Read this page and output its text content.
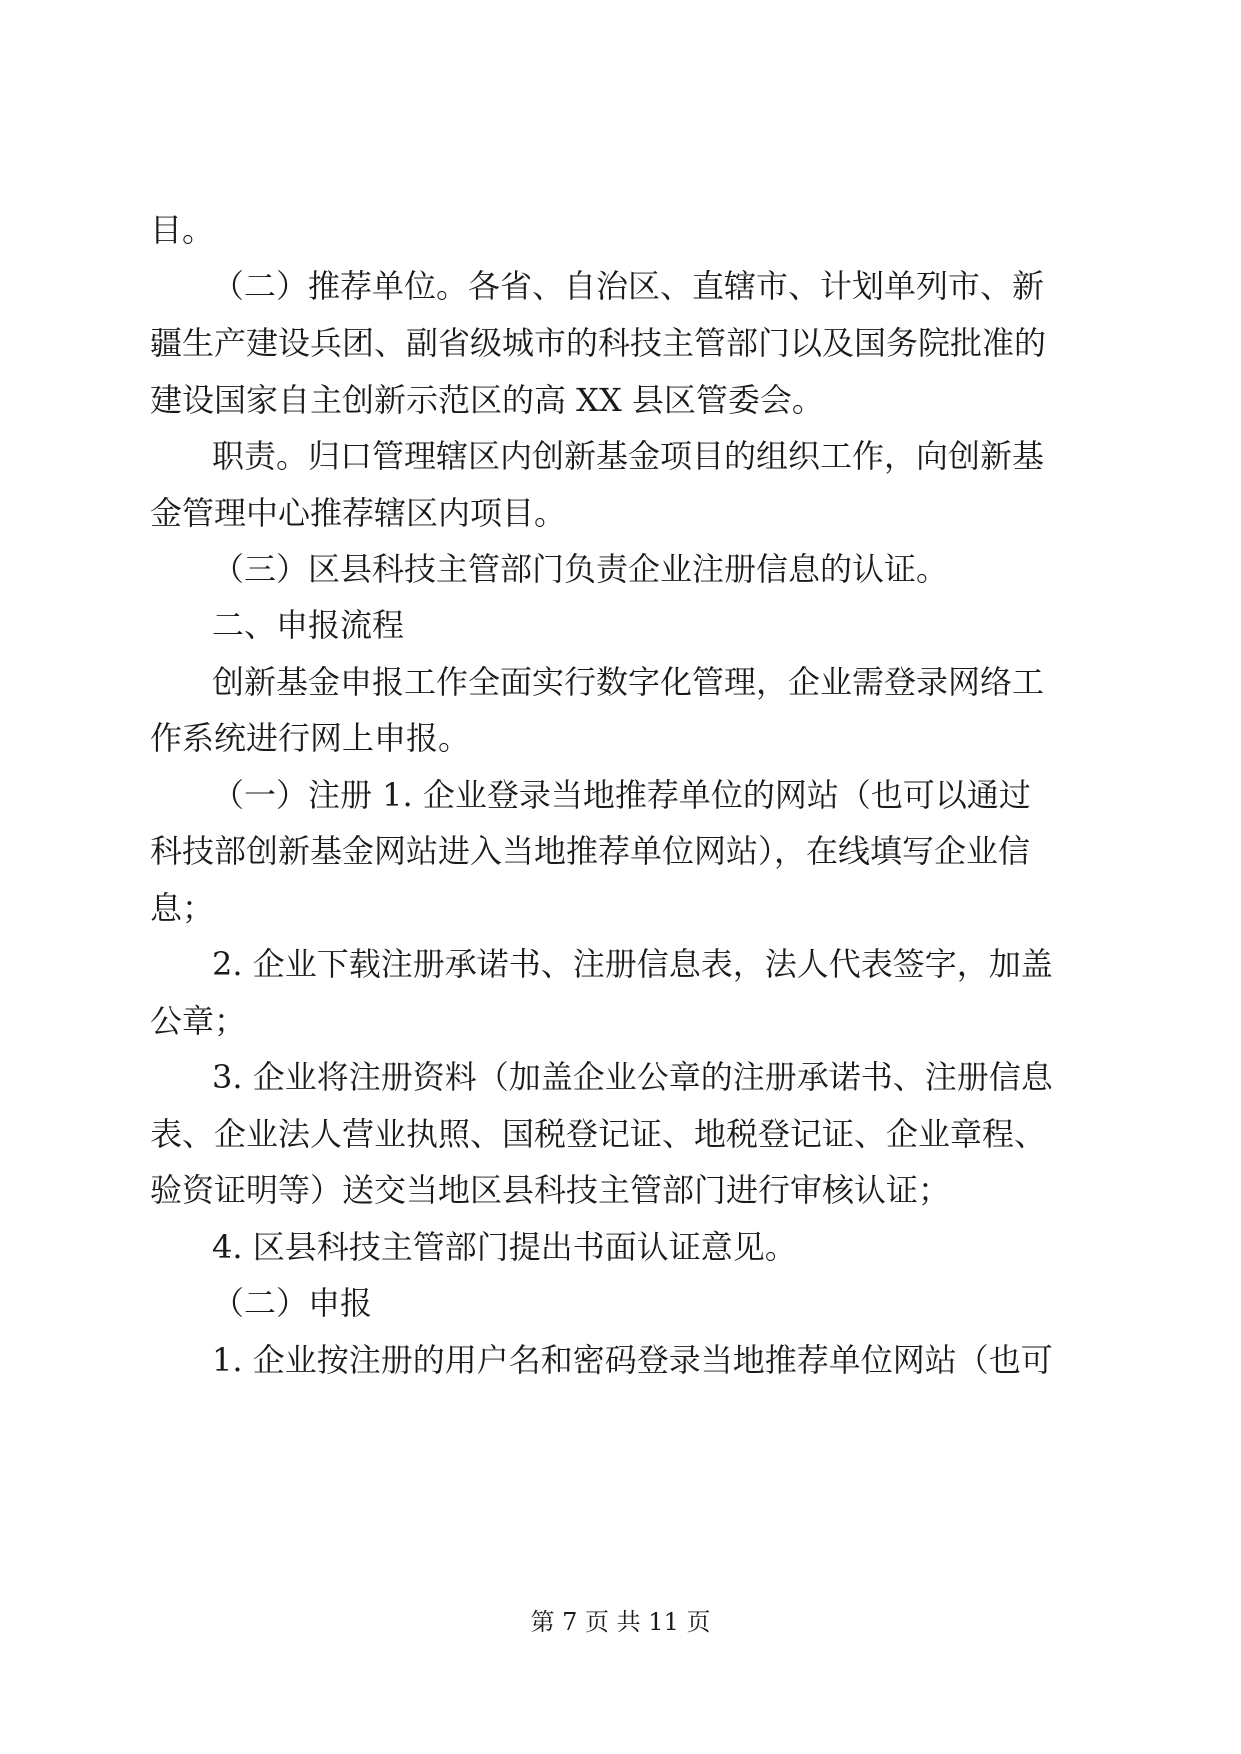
目。
（二）推荐单位。各省、自治区、直辖市、计划单列市、新
疆生产建设兵团、副省级城市的科技主管部门以及国务院批准的
建设国家自主创新示范区的高 XX 县区管委会。
职责。归口管理辖区内创新基金项目的组织工作，向创新基
金管理中心推荐辖区内项目。
（三）区县科技主管部门负责企业注册信息的认证。
二、申报流程
创新基金申报工作全面实行数字化管理，企业需登录网络工
作系统进行网上申报。
（一）注册 1. 企业登录当地推荐单位的网站（也可以通过
科技部创新基金网站进入当地推荐单位网站），在线填写企业信
息；
2. 企业下载注册承诺书、注册信息表，法人代表签字，加盖
公章；
3. 企业将注册资料（加盖企业公章的注册承诺书、注册信息
表、企业法人营业执照、国税登记证、地税登记证、企业章程、
验资证明等）送交当地区县科技主管部门进行审核认证；
4. 区县科技主管部门提出书面认证意见。
（二）申报
1. 企业按注册的用户名和密码登录当地推荐单位网站（也可
第 7 页 共 11 页
